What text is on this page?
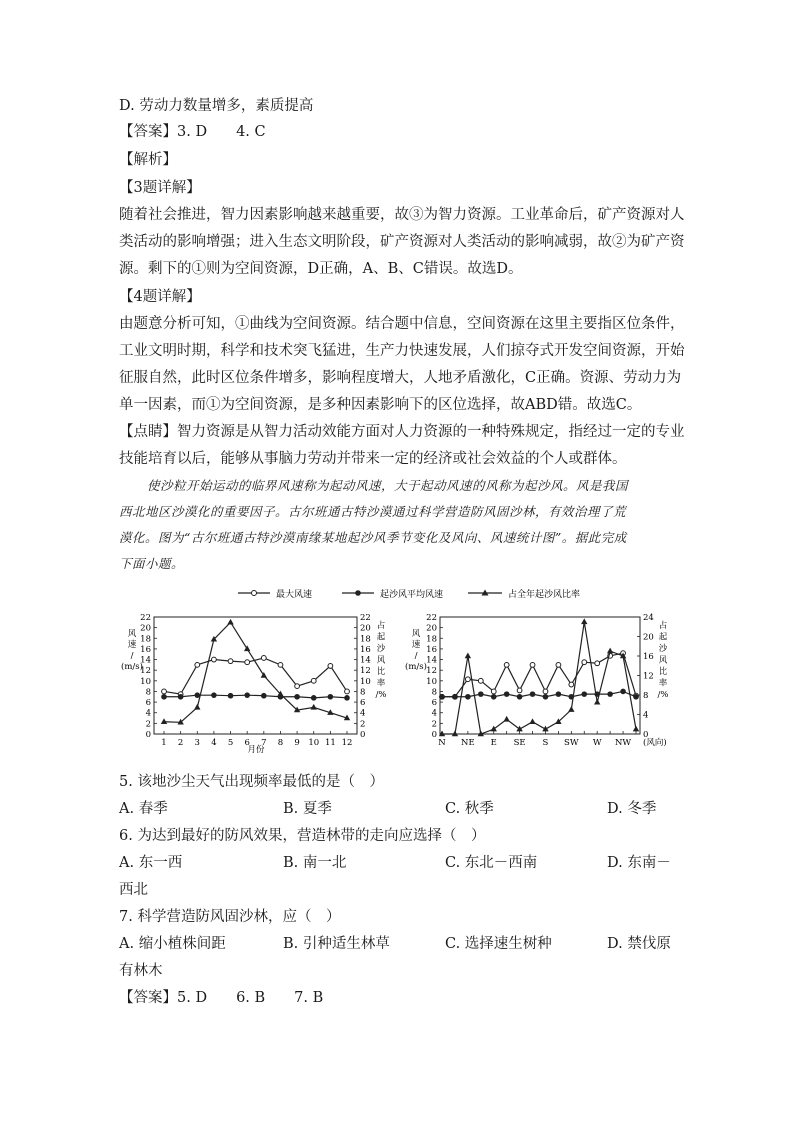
D. 劳动力数量增多，素质提高
【答案】3. D　　4. C
【解析】
【3题详解】
随着社会推进，智力因素影响越来越重要，故③为智力资源。工业革命后，矿产资源对人
类活动的影响增强；进入生态文明阶段，矿产资源对人类活动的影响减弱，故②为矿产资
源。剩下的①则为空间资源，D正确，A、B、C错误。故选D。
【4题详解】
由题意分析可知，①曲线为空间资源。结合题中信息，空间资源在这里主要指区位条件，
工业文明时期，科学和技术突飞猛进，生产力快速发展，人们掠夺式开发空间资源，开始
征服自然，此时区位条件增多，影响程度增大，人地矛盾激化，C正确。资源、劳动力为
单一因素，而①为空间资源，是多种因素影响下的区位选择，故ABD错。故选C。
【点睛】智力资源是从智力活动效能方面对人力资源的一种特殊规定，指经过一定的专业
技能培育以后，能够从事脑力劳动并带来一定的经济或社会效益的个人或群体。
使沙粒开始运动的临界风速称为起动风速，大于起动风速的风称为起沙风。风是我国
西北地区沙漠化的重要因子。古尔班通古特沙漠通过科学营造防风固沙林，有效治理了荒
漠化。图为“古尔班通古特沙漠南缘某地起沙风季节变化及风向、风速统计图”。据此完成
下面小题。
最大风速	起沙风平均风速	占全年起沙风比率
0
2
4
6
8
10
12
14
16
18
20
22
0
2
4
6
8
10
12
14
16
18
20
22
1 2 3 4 5 6 7 8 9 10 11 12
月份
风
速
/
(m/s)
占
起
沙
风
比
率
/%
0
2
4
6
8
10
12
14
16
18
20
22
0
4
8
12
16
20
24
N NE E SE S SW W NW (风向)
风
速
/
(m/s)
占
起
沙
风
比
率
/%
5. 该地沙尘天气出现频率最低的是（　）
A. 春季	B. 夏季	C. 秋季	D. 冬季
6. 为达到最好的防风效果，营造林带的走向应选择（　）
A. 东一西	B. 南一北	C. 东北－西南	D. 东南－
西北
7. 科学营造防风固沙林，应（　）
A. 缩小植株间距	B. 引种适生林草	C. 选择速生树种	D. 禁伐原
有林木
【答案】5. D　　6. B　　7. B
